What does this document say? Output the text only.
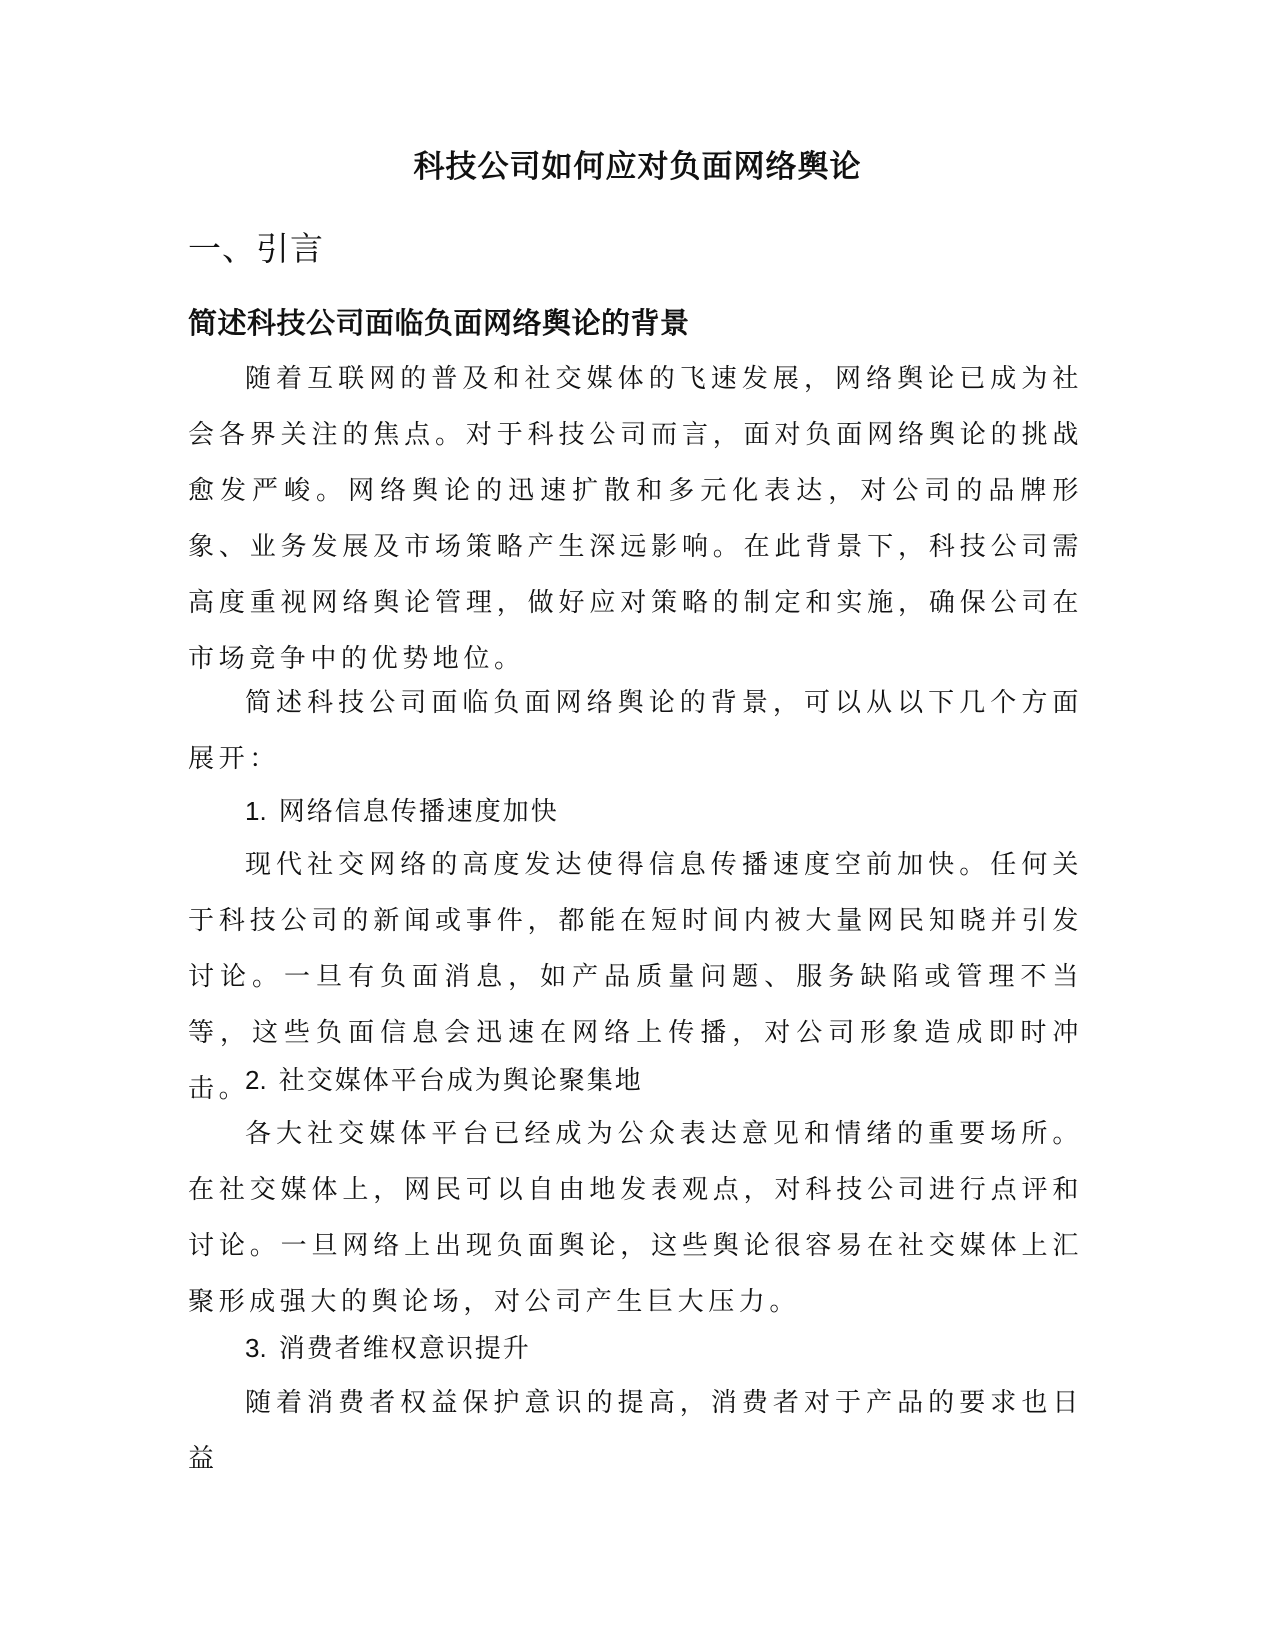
科技公司如何应对负面网络舆论
一、引言
简述科技公司面临负面网络舆论的背景

随着互联网的普及和社交媒体的飞速发展，网络舆论已成为社会各界关注的焦点。对于科技公司而言，面对负面网络舆论的挑战愈发严峻。网络舆论的迅速扩散和多元化表达，对公司的品牌形象、业务发展及市场策略产生深远影响。在此背景下，科技公司需高度重视网络舆论管理，做好应对策略的制定和实施，确保公司在市场竞争中的优势地位。

简述科技公司面临负面网络舆论的背景，可以从以下几个方面展开：

1. 网络信息传播速度加快

现代社交网络的高度发达使得信息传播速度空前加快。任何关于科技公司的新闻或事件，都能在短时间内被大量网民知晓并引发讨论。一旦有负面消息，如产品质量问题、服务缺陷或管理不当等，这些负面信息会迅速在网络上传播，对公司形象造成即时冲击。

2. 社交媒体平台成为舆论聚集地

各大社交媒体平台已经成为公众表达意见和情绪的重要场所。在社交媒体上，网民可以自由地发表观点，对科技公司进行点评和讨论。一旦网络上出现负面舆论，这些舆论很容易在社交媒体上汇聚形成强大的舆论场，对公司产生巨大压力。

3. 消费者维权意识提升

随着消费者权益保护意识的提高，消费者对于产品的要求也日益
